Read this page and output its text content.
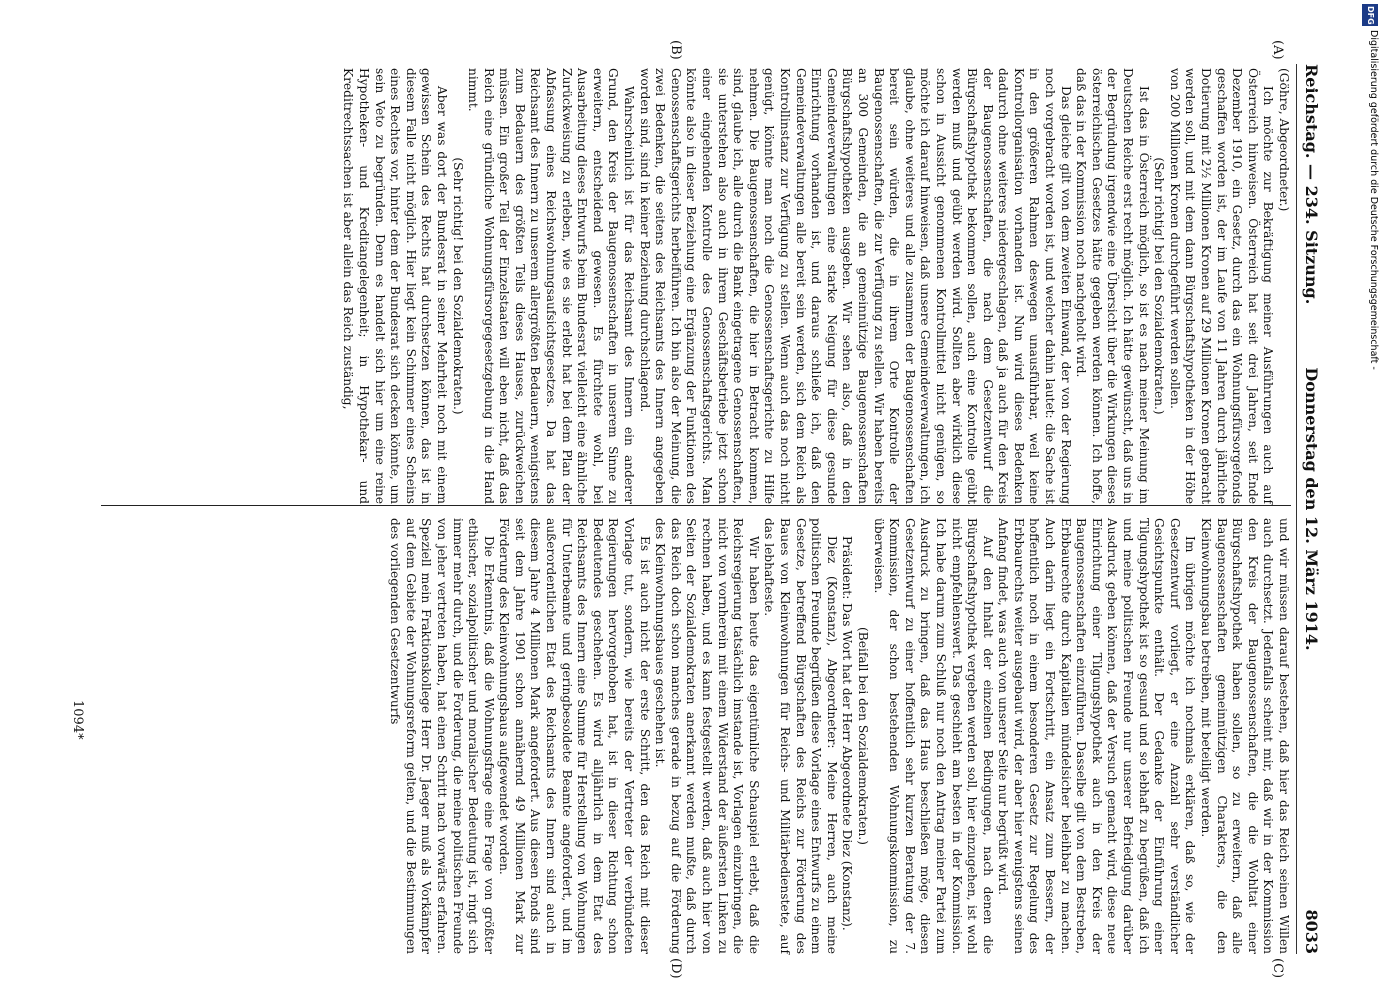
Reichstag. — 234. Sitzung.
Donnerstag den 12. März 1914.
8033
(A)
(B)
(C)
(D)

(Göhre, Abgeordneter.)

Ich möchte zur Bekräftigung meiner Ausführungen auch auf Österreich hinweisen. Österreich hat seit drei Jahren, seit Ende Dezember 1910, ein Gesetz, durch das ein Wohnungsfürsorgefonds geschaffen worden ist, der im Laufe von 11 Jahren durch jährliche Dotierung mit 2½ Millionen Kronen auf 29 Millionen Kronen gebracht werden soll, und mit dem dann Bürgschaftshypotheken in der Höhe von 200 Millionen Kronen durchgeführt werden sollen.

(Sehr richtig! bei den Sozialdemokraten.)

Ist das in Österreich möglich, so ist es nach meiner Meinung im Deutschen Reiche erst recht möglich. Ich hätte gewünscht, daß uns in der Begründung irgendwie eine Übersicht über die Wirkungen dieses österreichischen Gesetzes hätte gegeben werden können. Ich hoffe, daß das in der Kommission noch nachgeholt wird.

Das gleiche gilt von dem zweiten Einwand, der von der Regierung noch vorgebracht worden ist, und welcher dahin lautet: die Sache ist in den größeren Rahmen deswegen unausführbar, weil keine Kontrollorganisation vorhanden ist. Nun wird dieses Bedenken dadurch ohne weiteres niedergeschlagen, daß ja auch für den Kreis der Baugenossenschaften, die nach dem Gesetzentwurf die Bürgschaftshypothek bekommen sollen, auch eine Kontrolle geübt werden muß und geübt werden wird. Sollten aber wirklich diese schon in Aussicht genommenen Kontrollmittel nicht genügen, so möchte ich darauf hinweisen, daß unsere Gemeindeverwaltungen, ich glaube, ohne weiteres und alle zusammen der Baugenossenschaften bereit sein würden, die in ihrem Orte Kontrolle der Baugenossenschaften, die zur Verfügung zu stellen. Wir haben bereits an 300 Gemeinden, die an gemeinnützige Baugenossenschaften Bürgschaftshypotheken ausgeben. Wir sehen also, daß in den Gemeindeverwaltungen eine starke Neigung für diese gesunde Einrichtung vorhanden ist, und daraus schließe ich, daß den Gemeindeverwaltungen alle bereit sein werden, sich dem Reich als Kontrollinstanz zur Verfügung zu stellen. Wenn auch das noch nicht genügt, könnte man noch die Genossenschaftsgerichte zu Hilfe nehmen. Die Baugenossenschaften, die hier in Betracht kommen, sind, glaube ich, alle durch die Bank eingetragene Genossenschaften, sie unterstehen also auch in ihrem Geschäftsbetriebe jetzt schon einer eingehenden Kontrolle des Genossenschaftsgerichts. Man könnte also in dieser Beziehung eine Ergänzung der Funktionen des Genossenschaftsgerichts herbeiführen. Ich bin also der Meinung, die zwei Bedenken, die seitens des Reichsamts des Innern angegeben worden sind, sind in keiner Beziehung durchschlagend.

Wahrscheinlich ist für das Reichsamt des Innern ein anderer Grund, den Kreis der Baugenossenschaften in unserem Sinne zu erweitern, entscheidend gewesen. Es fürchtete wohl, bei Ausarbeitung dieses Entwurfs beim Bundesrat vielleicht eine ähnliche Zurückweisung zu erleben, wie es sie erlebt hat bei dem Plan der Abfassung eines Reichswohnungsaufsichtsgesetzes. Da hat das Reichsamt des Innern zu unserem allergrößten Bedauern, wenigstens zum Bedauern des größten Teils dieses Hauses, zurückweichen müssen. Ein großer Teil der Einzelstaaten will eben nicht, daß das Reich eine gründliche Wohnungsfürsorgegesetzgebung in die Hand nimmt.

(Sehr richtig! bei den Sozialdemokraten.)

Aber was dort der Bundesrat in seiner Mehrheit noch mit einem gewissen Schein des Rechts hat durchsetzen können, das ist in diesem Falle nicht möglich. Hier liegt kein Schimmer eines Scheins eines Rechtes vor, hinter dem der Bundesrat sich decken könnte, um sein Veto zu begründen. Denn es handelt sich hier um eine reine Hypotheken- und Kreditangelegenheit; in Hypothekar- und Kreditrechtssachen ist aber allein das Reich zuständig,

und wir müssen darauf bestehen, daß hier das Reich seinen Willen auch durchsetzt. Jedenfalls scheint mir, daß wir in der Kommission den Kreis der Baugenossenschaften, die die Wohltat einer Bürgschaftshypothek haben sollen, so zu erweitern, daß alle Baugenossenschaften gemeinnützigen Charakters, die den Kleinwohnungsbau betreiben, mit beteiligt werden.

Im übrigen möchte ich nochmals erklären, daß so, wie der Gesetzentwurf vorliegt, er eine Anzahl sehr verständlicher Gesichtspunkte enthält. Der Gedanke der Einführung einer Tilgungshypothek ist so gesund und so lebhaft zu begrüßen, daß ich und meine politischen Freunde nur unserer Befriedigung darüber Ausdruck geben können, daß der Versuch gemacht wird, diese neue Einrichtung einer Tilgungshypothek auch in den Kreis der Baugenossenschaften einzuführen. Dasselbe gilt von dem Bestreben, Erbbaurechte durch Kapitalien mündelsicher beleihbar zu machen. Auch darin liegt ein Fortschritt, ein Ansatz zum Bessern, der hoffentlich noch in einem besonderen Gesetz zur Regelung des Erbbaurechts weiter ausgebaut wird, der aber hier wenigstens seinen Anfang findet, was auch von unserer Seite nur begrüßt wird.

Auf den Inhalt der einzelnen Bedingungen, nach denen die Bürgschaftshypothek vergeben werden soll, hier einzugehen, ist wohl nicht empfehlenswert. Das geschieht am besten in der Kommission. Ich habe darum zum Schluß nur noch den Antrag meiner Partei zum Ausdruck zu bringen, daß das Haus beschließen möge, diesen Gesetzentwurf zu einer hoffentlich sehr kurzen Beratung der 7. Kommission, der schon bestehenden Wohnungskommission, zu überweisen.

(Beifall bei den Sozialdemokraten.)

Präsident: Das Wort hat der Herr Abgeordnete Diez (Konstanz).

Diez (Konstanz), Abgeordneter: Meine Herren, auch meine politischen Freunde begrüßen diese Vorlage eines Entwurfs zu einem Gesetze, betreffend Bürgschaften des Reichs zur Förderung des Baues von Kleinwohnungen für Reichs- und Militärbedienstete, auf das lebhafteste.

Wir haben heute das eigentümliche Schauspiel erlebt, daß die Reichsregierung tatsächlich imstande ist, Vorlagen einzubringen, die nicht von vornherein mit einem Widerstand der äußersten Linken zu rechnen haben, und es kann festgestellt werden, daß auch hier von Seiten der Sozialdemokraten anerkannt werden mußte, daß durch das Reich doch schon manches gerade in bezug auf die Förderung des Kleinwohnungsbaues geschehen ist.

Es ist auch nicht der erste Schritt, den das Reich mit dieser Vorlage tut, sondern, wie bereits der Vertreter der verbündeten Regierungen hervorgehoben hat, ist in dieser Richtung schon Bedeutendes geschehen. Es wird alljährlich in dem Etat des Reichsamts des Innern eine Summe für Herstellung von Wohnungen für Unterbeamte und geringbesoldete Beamte angefordert, und im außerordentlichen Etat des Reichsamts des Innern sind auch in diesem Jahre 4 Millionen Mark angefordert. Aus diesen Fonds sind seit dem Jahre 1901 schon annähernd 49 Millionen Mark zur Förderung des Kleinwohnungsbaus aufgewendet worden.

Die Erkenntnis, daß die Wohnungsfrage eine Frage von größter ethischer, sozialpolitischer und moralischer Bedeutung ist, ringt sich immer mehr durch, und die Forderung, die meine politischen Freunde von jeher vertreten haben, hat einen Schritt nach vorwärts erfahren. Speziell mein Fraktionskollege Herr Dr. Jaeger muß als Vorkämpfer auf dem Gebiete der Wohnungsreform gelten, und die Bestimmungen des vorliegenden Gesetzentwurfs

1094*
DFG
Digitalisierung gefördert durch die Deutsche Forschungsgemeinschaft -
